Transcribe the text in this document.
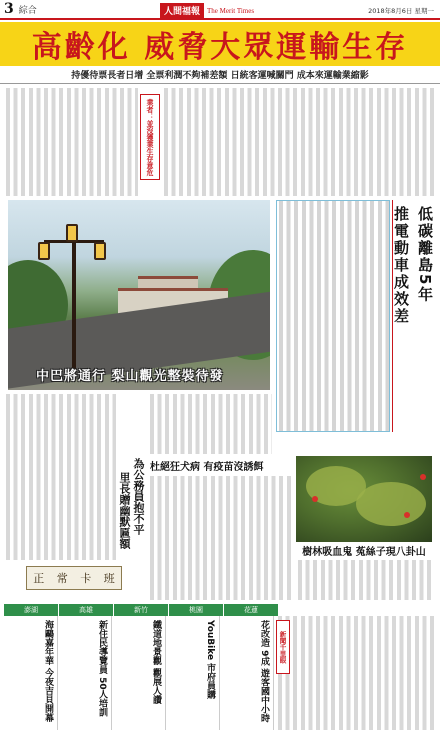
3 綜合	人間福報	The Merit Times	2018年8月6日 星期一
高齡化 威脅大眾運輸生存
持優待票長者日增 全票利潤不夠補差額 日統客運喊關門 成本來運輸業縮影
業者：並沒獲業生存意危
中巴將通行 梨山觀光整裝待發
低碳離島5年
推電動車成效差
杜絕狂犬病 有疫苗沒誘餌
為公務員抱不平
里長贈幽默匾額
正 常 卡 班
樹林吸血鬼 菟絲子現八卦山
澎湖	高雄	新竹	桃園	花蓮
海鷗嘉年華 今夜吉貝開幕	新住民導覽員 50人培訓	鐵道地景觀 觀展人讚	YouBike 市府員購	花改造 9成 遊客國中小時	新聞千里眼
